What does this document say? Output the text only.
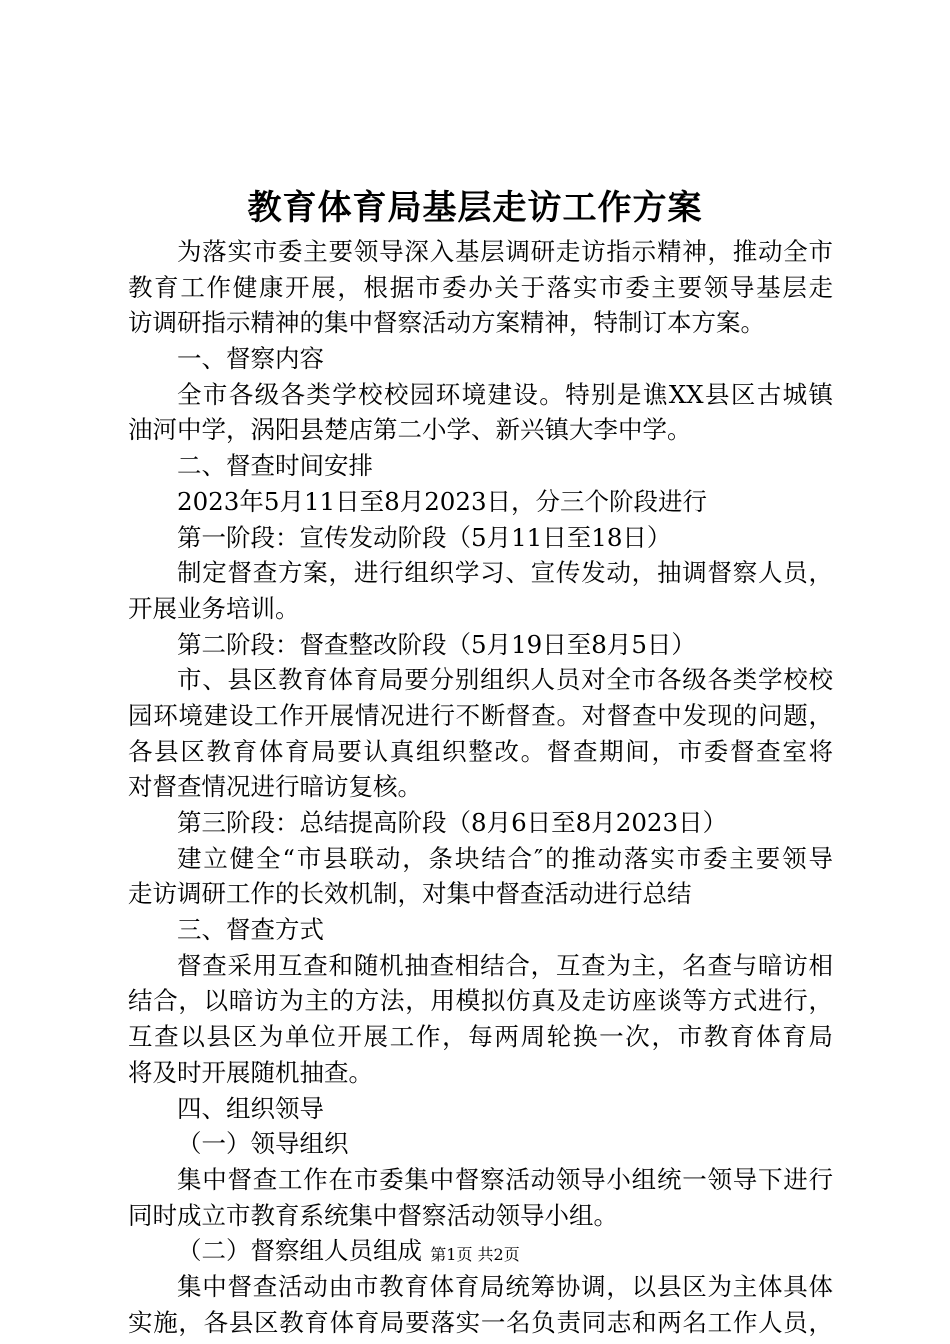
教育体育局基层走访工作方案
为落实市委主要领导深入基层调研走访指示精神，推动全市
教育工作健康开展，根据市委办关于落实市委主要领导基层走
访调研指示精神的集中督察活动方案精神，特制订本方案。
一、督察内容
全市各级各类学校校园环境建设。特别是谯XX县区古城镇
油河中学，涡阳县楚店第二小学、新兴镇大李中学。
二、督查时间安排
2023年5月11日至8月2023日，分三个阶段进行
第一阶段：宣传发动阶段（5月11日至18日）
制定督查方案，进行组织学习、宣传发动，抽调督察人员，
开展业务培训。
第二阶段：督查整改阶段（5月19日至8月5日）
市、县区教育体育局要分别组织人员对全市各级各类学校校
园环境建设工作开展情况进行不断督查。对督查中发现的问题，
各县区教育体育局要认真组织整改。督查期间，市委督查室将
对督查情况进行暗访复核。
第三阶段：总结提高阶段（8月6日至8月2023日）
建立健全“市县联动，条块结合″的推动落实市委主要领导
走访调研工作的长效机制，对集中督查活动进行总结
三、督查方式
督查采用互查和随机抽查相结合，互查为主，名查与暗访相
结合，以暗访为主的方法，用模拟仿真及走访座谈等方式进行，
互查以县区为单位开展工作，每两周轮换一次，市教育体育局
将及时开展随机抽查。
四、组织领导
（一）领导组织
集中督查工作在市委集中督察活动领导小组统一领导下进行
同时成立市教育系统集中督察活动领导小组。
（二）督察组人员组成
集中督查活动由市教育体育局统筹协调，以县区为主体具体
实施，各县区教育体育局要落实一名负责同志和两名工作人员，
第1页 共2页
